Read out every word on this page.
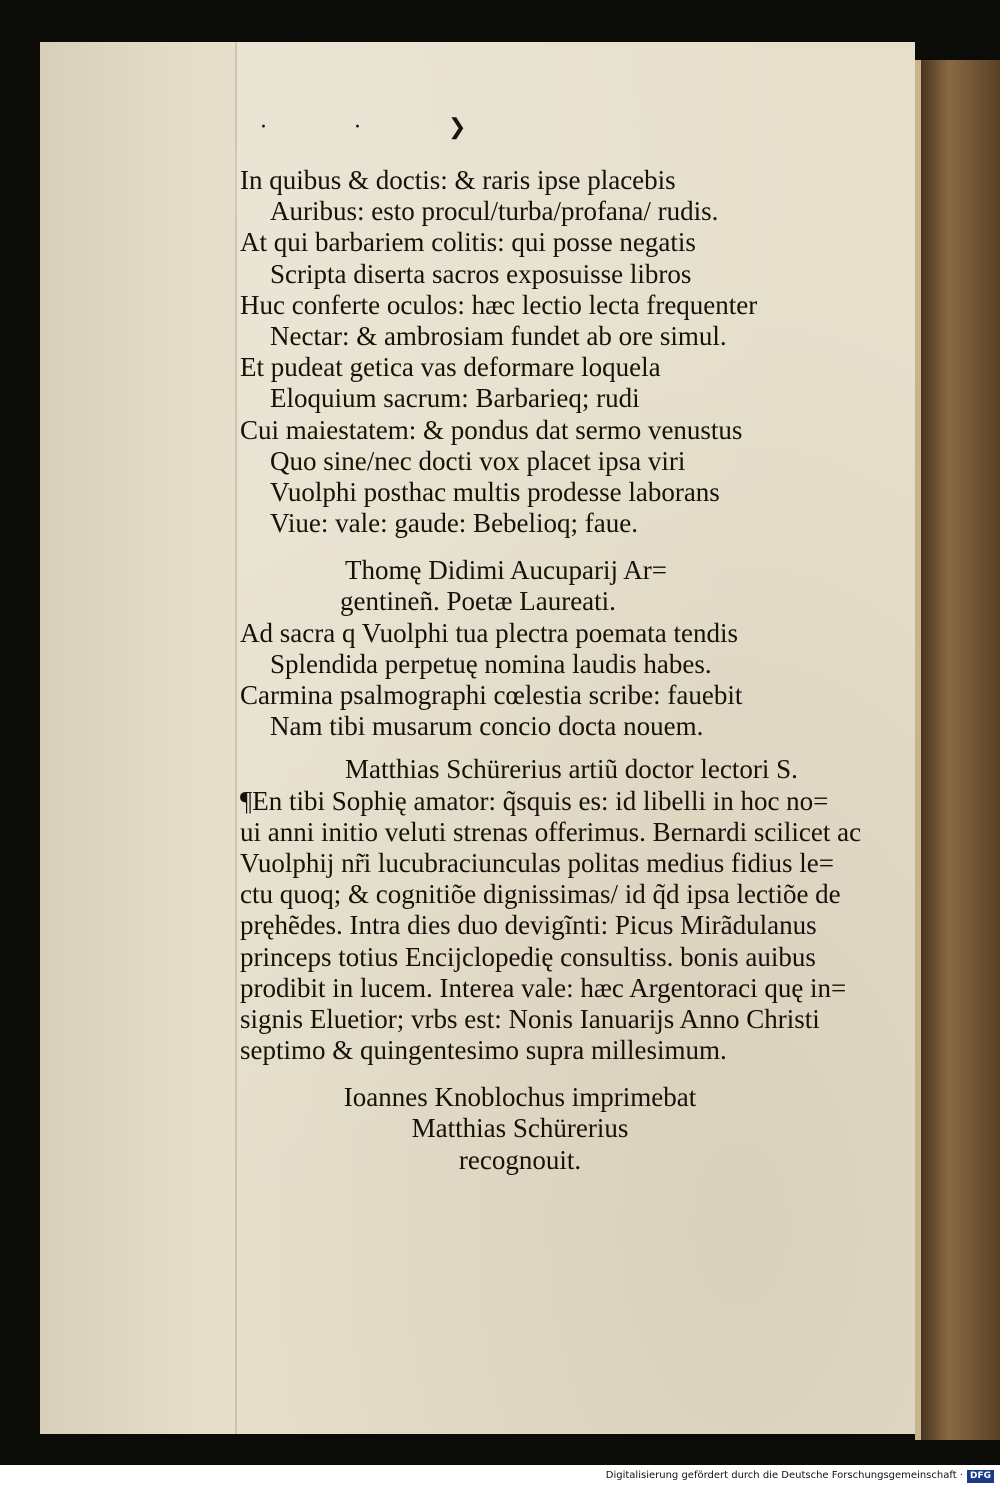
· · ❯
In quibus & doctis: & raris ipse placebis
Auribus: esto procul/turba/profana/ rudis.
At qui barbariem colitis: qui posse negatis
Scripta diserta sacros exposuisse libros
Huc conferte oculos: hæc lectio lecta frequenter
Nectar: & ambrosiam fundet ab ore simul.
Et pudeat getica vas deformare loquela
Eloquium sacrum: Barbarieq; rudi
Cui maiestatem: & pondus dat sermo venustus
Quo sine/nec docti vox placet ipsa viri
Vuolphi posthac multis prodesse laborans
Viue: vale: gaude: Bebelioq; faue.
Thomę Didimi Aucuparij Ar=
gentineñ. Poetæ Laureati.
Ad sacra q Vuolphi tua plectra poemata tendis
Splendida perpetuę nomina laudis habes.
Carmina psalmographi cœlestia scribe: fauebit
Nam tibi musarum concio docta nouem.
Matthias Schürerius artiũ doctor lectori S.
¶En tibi Sophię amator: q̃squis es: id libelli in hoc no=
ui anni initio veluti strenas offerimus. Bernardi scilicet ac
Vuolphij nr̃i lucubraciunculas politas medius fidius le=
ctu quoq; & cognitiõe dignissimas/ id q̃d ipsa lectiõe de
pręhẽdes. Intra dies duo devigĩnti: Picus Mirãdulanus
princeps totius Encijclopedię consultiss. bonis auibus
prodibit in lucem. Interea vale: hæc Argentoraci quę in=
signis Eluetior; vrbs est: Nonis Ianuarijs Anno Christi
septimo & quingentesimo supra millesimum.
Ioannes Knoblochus imprimebat
Matthias Schürerius
recognouit.
Digitalisierung gefördert durch die Deutsche Forschungsgemeinschaft · DFG
